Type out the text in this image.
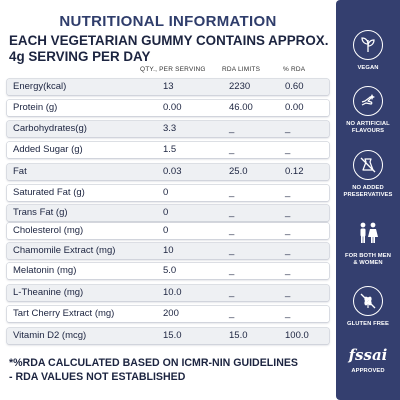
NUTRITIONAL INFORMATION
EACH VEGETARIAN GUMMY CONTAINS APPROX. 4g SERVING PER DAY
QTY., PER SERVING	RDA LIMITS	% RDA
Energy(kcal)	13	2230	0.60
Protein (g)	0.00	46.00	0.00
Carbohydrates(g)	3.3	_	_
Added Sugar (g)	1.5	_	_
Fat	0.03	25.0	0.12
Saturated Fat (g)	0	_	_
Trans Fat (g)	0	_	_
Cholesterol (mg)	0	_	_
Chamomile Extract (mg)	10	_	_
Melatonin (mg)	5.0	_	_
L-Theanine (mg)	10.0	_	_
Tart Cherry Extract (mg)	200	_	_
Vitamin D2 (mcg)	15.0	15.0	100.0
*%RDA CALCULATED BASED ON ICMR-NIN GUIDELINES
- RDA VALUES NOT ESTABLISHED
VEGAN
NO ARTIFICIAL
FLAVOURS
NO ADDED
PRESERVATIVES
FOR BOTH MEN
& WOMEN
GLUTEN FREE
fssai
APPROVED
